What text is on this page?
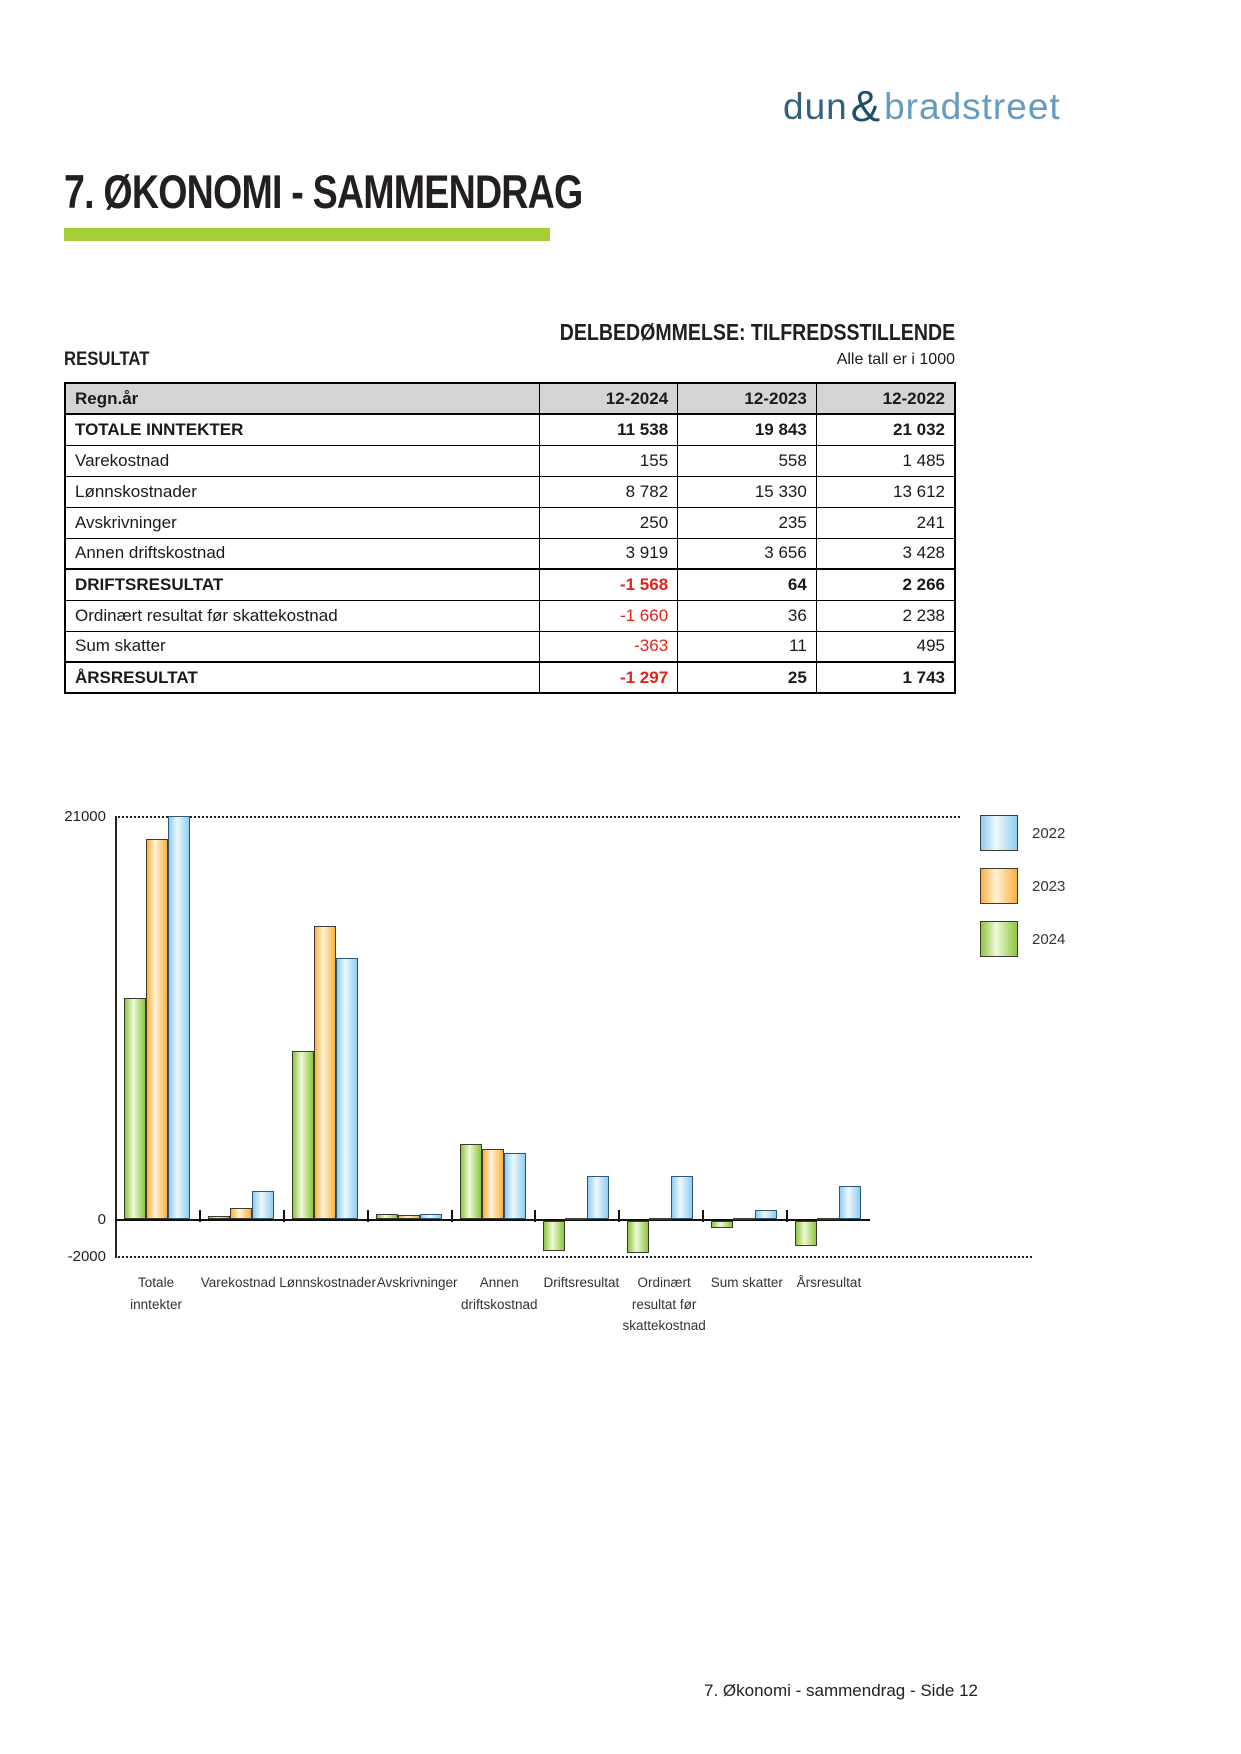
dun & bradstreet
7. ØKONOMI - SAMMENDRAG
DELBEDØMMELSE: TILFREDSSTILLENDE
RESULTAT	Alle tall er i 1000
Regn.år	12-2024	12-2023	12-2022
TOTALE INNTEKTER	11 538	19 843	21 032
Varekostnad	155	558	1 485
Lønnskostnader	8 782	15 330	13 612
Avskrivninger	250	235	241
Annen driftskostnad	3 919	3 656	3 428
DRIFTSRESULTAT	-1 568	64	2 266
Ordinært resultat før skattekostnad	-1 660	36	2 238
Sum skatter	-363	11	495
ÅRSRESULTAT	-1 297	25	1 743
21000
0
-2000
Totale
inntekter
Varekostnad Lønnskostnader Avskrivninger	Annen
driftskostnad
Driftsresultat	Ordinært
resultat før
skattekostnad
Sum skatter	Årsresultat
2022
2023
2024
7. Økonomi - sammendrag - Side 12
